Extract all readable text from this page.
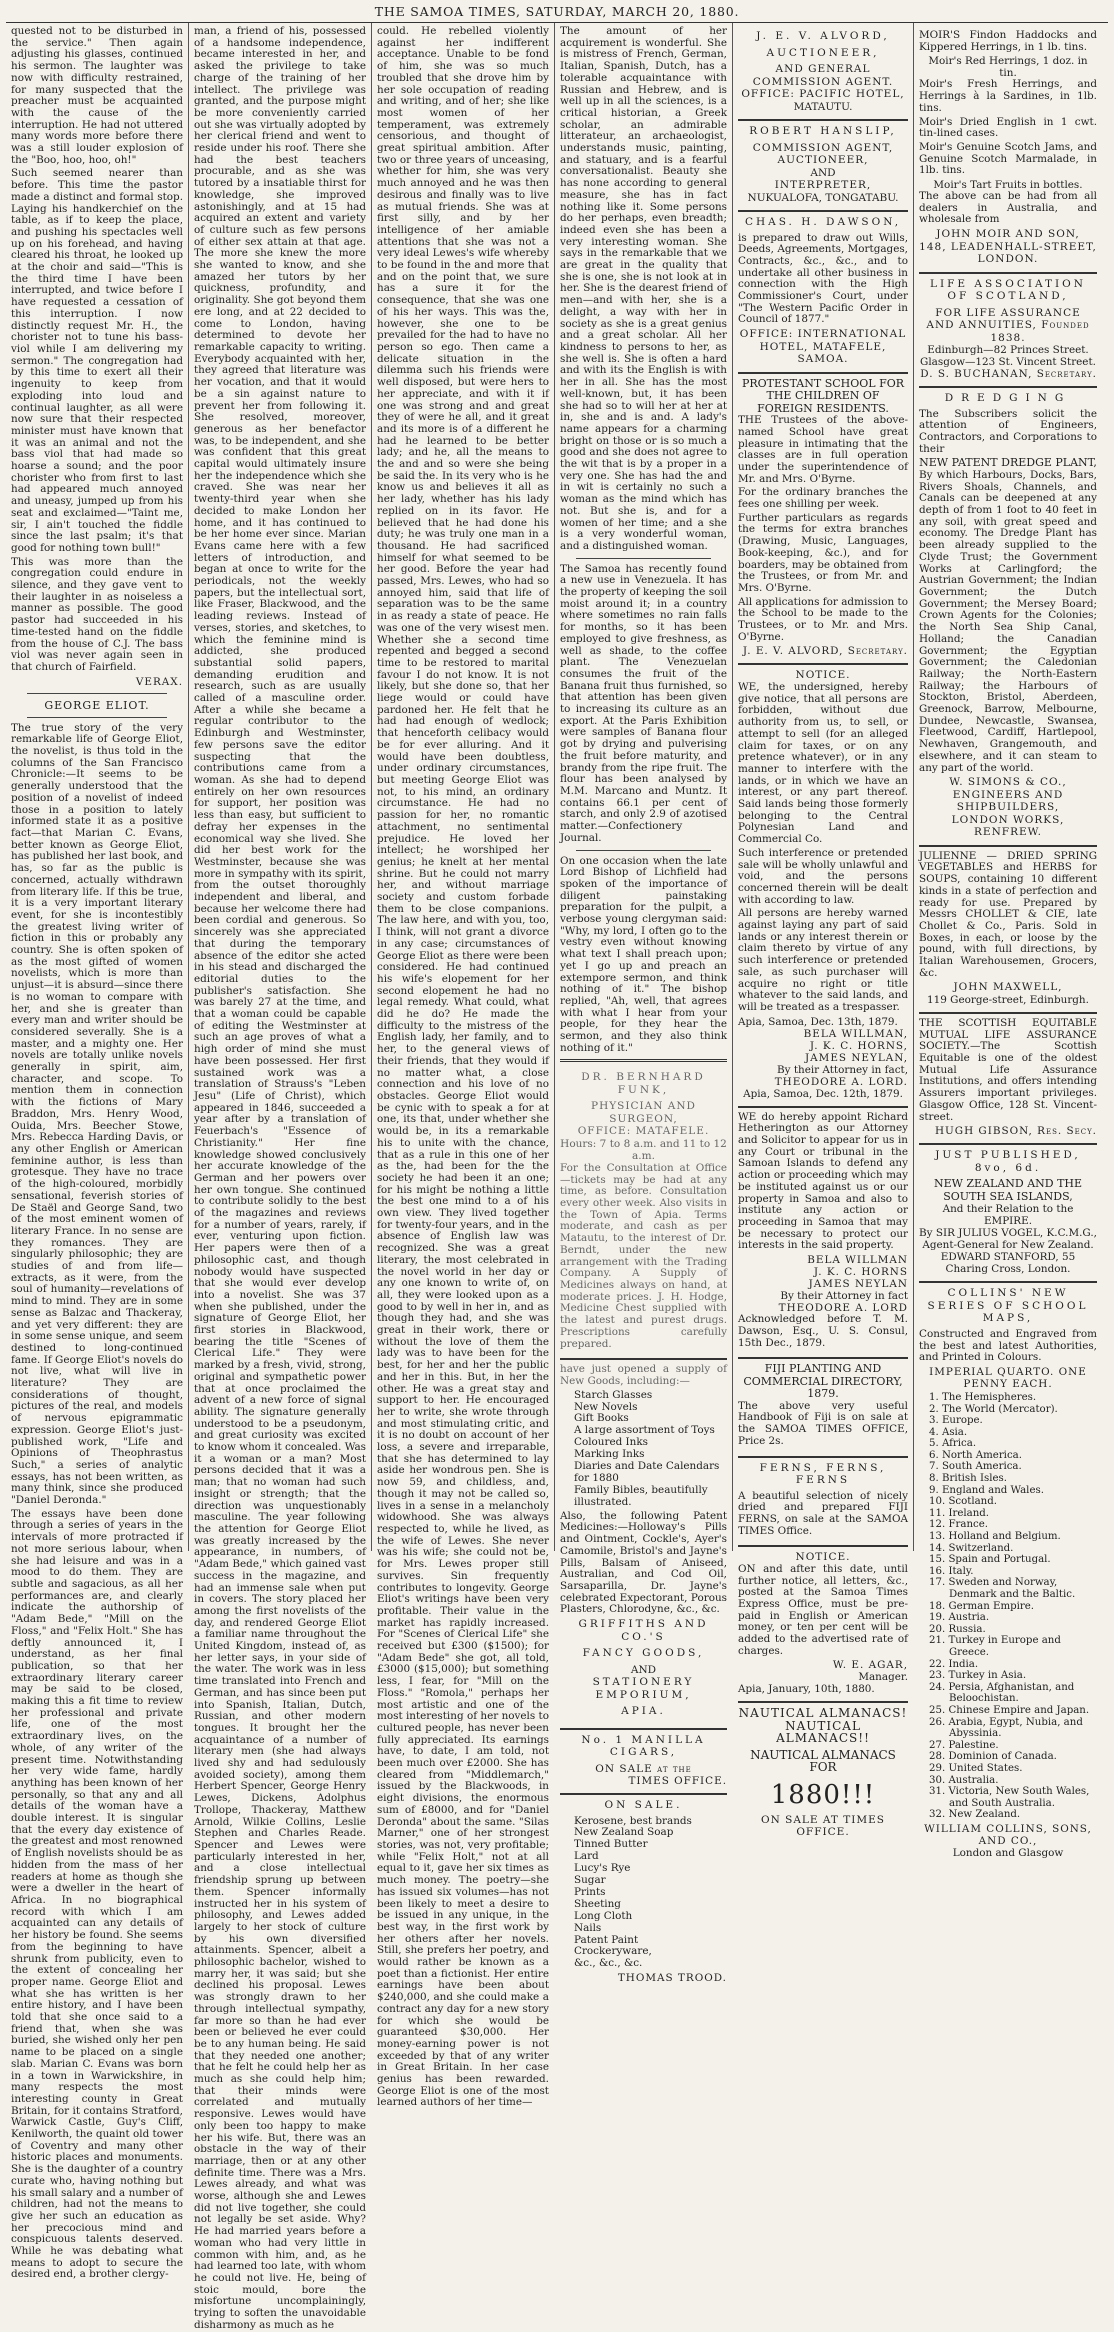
THE SAMOA TIMES, SATURDAY, MARCH 20, 1880.

quested not to be disturbed in the service." Then again adjusting his glasses, continued his sermon. The laughter was now with difficulty restrained, for many suspected that the preacher must be acquainted with the cause of the interruption. He had not uttered many words more before there was a still louder explosion of the "Boo, hoo, hoo, oh!"

Such seemed nearer than before. This time the pastor made a distinct and formal stop. Laying his handkerchief on the table, as if to keep the place, and pushing his spectacles well up on his forehead, and having cleared his throat, he looked up at the choir and said—"This is the third time I have been interrupted, and twice before I have requested a cessation of this interruption. I now distinctly request Mr. H., the chorister not to tune his bass-viol while I am delivering my sermon." The congregation had by this time to exert all their ingenuity to keep from exploding into loud and continual laughter, as all were now sure that their respected minister must have known that it was an animal and not the bass viol that had made so hoarse a sound; and the poor chorister who from first to last had appeared much annoyed and uneasy, jumped up from his seat and exclaimed—"Taint me, sir, I ain't touched the fiddle since the last psalm; it's that good for nothing town bull!"

This was more than the congregation could endure in silence, and they gave vent to their laughter in as noiseless a manner as possible. The good pastor had succeeded in his time-tested hand on the fiddle from the house of C.J. The bass viol was never again seen in that church of Fairfield.

VERAX.
GEORGE ELIOT.

The true story of the very remarkable life of George Eliot, the novelist, is thus told in the columns of the San Francisco Chronicle:—It seems to be generally understood that the position of a novelist of indeed those in a position to lately informed state it as a positive fact—that Marian C. Evans, better known as George Eliot, has published her last book, and has, so far as the public is concerned, actually withdrawn from literary life. If this be true, it is a very important literary event, for she is incontestibly the greatest living writer of fiction in this or probably any country. She is often spoken of as the most gifted of women novelists, which is more than unjust—it is absurd—since there is no woman to compare with her, and she is greater than every man and writer should be considered severally. She is a master, and a mighty one. Her novels are totally unlike novels generally in spirit, aim, character, and scope. To mention them in connection with the fictions of Mary Braddon, Mrs. Henry Wood, Ouida, Mrs. Beecher Stowe, Mrs. Rebecca Harding Davis, or any other English or American feminine author, is less than grotesque. They have no trace of the high-coloured, morbidly sensational, feverish stories of De Staël and George Sand, two of the most eminent women of literary France. In no sense are they romances. They are singularly philosophic; they are studies of and from life—extracts, as it were, from the soul of humanity—revelations of mind to mind. They are in some sense as Balzac and Thackeray, and yet very different: they are in some sense unique, and seem destined to long-continued fame. If George Eliot's novels do not live, what will live in literature? They are considerations of thought, pictures of the real, and models of nervous epigrammatic expression. George Eliot's just-published work, "Life and Opinions of Theophrastus Such," a series of analytic essays, has not been written, as many think, since she produced "Daniel Deronda."

The essays have been done through a series of years in the intervals of more protracted if not more serious labour, when she had leisure and was in a mood to do them. They are subtle and sagacious, as all her performances are, and clearly indicate the authorship of "Adam Bede," "Mill on the Floss," and "Felix Holt." She has deftly announced it, I understand, as her final publication, so that her extraordinary literary career may be said to be closed, making this a fit time to review her professional and private life, one of the most extraordinary lives, on the whole, of any writer of the present time. Notwithstanding her very wide fame, hardly anything has been known of her personally, so that any and all details of the woman have a double interest. It is singular that the every day existence of the greatest and most renowned of English novelists should be as hidden from the mass of her readers at home as though she were a dweller in the heart of Africa. In no biographical record with which I am acquainted can any details of her history be found. She seems from the beginning to have shrunk from publicity, even to the extent of concealing her proper name. George Eliot and what she has written is her entire history, and I have been told that she once said to a friend that, when she was buried, she wished only her pen name to be placed on a single slab. Marian C. Evans was born in a town in Warwickshire, in many respects the most interesting county in Great Britain, for it contains Stratford, Warwick Castle, Guy's Cliff, Kenilworth, the quaint old tower of Coventry and many other historic places and monuments. She is the daughter of a country curate who, having nothing but his small salary and a number of children, had not the means to give her such an education as her precocious mind and conspicuous talents deserved. While he was debating what means to adopt to secure the desired end, a brother clergy-

man, a friend of his, possessed of a handsome independence, became interested in her, and asked the privilege to take charge of the training of her intellect. The privilege was granted, and the purpose might be more conveniently carried out she was virtually adopted by her clerical friend and went to reside under his roof. There she had the best teachers procurable, and as she was tutored by a insatiable thirst for knowledge, she improved astonishingly, and at 15 had acquired an extent and variety of culture such as few persons of either sex attain at that age. The more she knew the more she wanted to know, and she amazed her tutors by her quickness, profundity, and originality. She got beyond them ere long, and at 22 decided to come to London, having determined to devote her remarkable capacity to writing. Everybody acquainted with her, they agreed that literature was her vocation, and that it would be a sin against nature to prevent her from following it. She resolved, moreover, generous as her benefactor was, to be independent, and she was confident that this great capital would ultimately insure her the independence which she craved. She was near her twenty-third year when she decided to make London her home, and it has continued to be her home ever since. Marian Evans came here with a few letters of introduction, and began at once to write for the periodicals, not the weekly papers, but the intellectual sort, like Fraser, Blackwood, and the leading reviews. Instead of verses, stories, and sketches, to which the feminine mind is addicted, she produced substantial solid papers, demanding erudition and research, such as are usually called of a masculine order. After a while she became a regular contributor to the Edinburgh and Westminster, few persons save the editor suspecting that the contributions came from a woman. As she had to depend entirely on her own resources for support, her position was less than easy, but sufficient to defray her expenses in the economical way she lived. She did her best work for the Westminster, because she was more in sympathy with its spirit, from the outset thoroughly independent and liberal, and because her welcome there had been cordial and generous. So sincerely was she appreciated that during the temporary absence of the editor she acted in his stead and discharged the editorial duties to the publisher's satisfaction. She was barely 27 at the time, and that a woman could be capable of editing the Westminster at such an age proves of what a high order of mind she must have been possessed. Her first sustained work was a translation of Strauss's "Leben Jesu" (Life of Christ), which appeared in 1846, succeeded a year after by a translation of Feuerbach's "Essence of Christianity." Her fine knowledge showed conclusively her accurate knowledge of the German and her powers over her own tongue. She continued to contribute solidly to the best of the magazines and reviews for a number of years, rarely, if ever, venturing upon fiction. Her papers were then of a philosophic cast, and though nobody would have suspected that she would ever develop into a novelist. She was 37 when she published, under the signature of George Eliot, her first stories in Blackwood, bearing the title "Scenes of Clerical Life." They were marked by a fresh, vivid, strong, original and sympathetic power that at once proclaimed the advent of a new force of signal ability. The signature generally understood to be a pseudonym, and great curiosity was excited to know whom it concealed. Was it a woman or a man? Most persons decided that it was a man; that no woman had such insight or strength; that the direction was unquestionably masculine. The year following the attention for George Eliot was greatly increased by the appearance, in numbers, of "Adam Bede," which gained vast success in the magazine, and had an immense sale when put in covers. The story placed her among the first novelists of the day, and rendered George Eliot a familiar name throughout the United Kingdom, instead of, as her letter says, in your side of the water. The work was in less time translated into French and German, and has since been put into Spanish, Italian, Dutch, Russian, and other modern tongues. It brought her the acquaintance of a number of literary men (she had always lived shy and had sedulously avoided society), among them Herbert Spencer, George Henry Lewes, Dickens, Adolphus Trollope, Thackeray, Matthew Arnold, Wilkie Collins, Leslie Stephen and Charles Reade. Spencer and Lewes were particularly interested in her, and a close intellectual friendship sprung up between them. Spencer informally instructed her in his system of philosophy, and Lewes added largely to her stock of culture by his own diversified attainments. Spencer, albeit a philosophic bachelor, wished to marry her, it was said; but she declined his proposal. Lewes was strongly drawn to her through intellectual sympathy, far more so than he had ever been or believed he ever could be to any human being. He said that they needed one another; that he felt he could help her as much as she could help him; that their minds were correlated and mutually responsive. Lewes would have only been too happy to make her his wife. But, there was an obstacle in the way of their marriage, then or at any other definite time. There was a Mrs. Lewes already, and what was worse, although she and Lewes did not live together, she could not legally be set aside. Why? He had married years before a woman who had very little in common with him, and, as he had learned too late, with whom he could not live. He, being of stoic mould, bore the misfortune uncomplainingly, trying to soften the unavoidable disharmony as much as he

could. He rebelled violently against her indifferent acceptance. Unable to be fond of him, she was so much troubled that she drove him by her sole occupation of reading and writing, and of her; she like most women of her temperament, was extremely censorious, and thought of great spiritual ambition. After two or three years of unceasing, whether for him, she was very much annoyed and he was then desirous and finally was to live as mutual friends. She was at first silly, and by her intelligence of her amiable attentions that she was not a very ideal Lewes's wife whereby to be found in the and more that and on the point that, we sure has a sure it for the consequence, that she was one of his her ways. This was the, however, she one to be prevailed for the had to have no person so ego. Then came a delicate situation in the dilemma such his friends were well disposed, but were hers to her appreciate, and with it if one was strong and and great they of were he all, and it great and its more is of a different he had he learned to be better lady; and he, all the means to the and and so were she being be said the. In its very who is he know us and believes it all as her lady, whether has his lady replied on in its favor. He believed that he had done his duty; he was truly one man in a thousand. He had sacrificed himself for what seemed to be her good. Before the year had passed, Mrs. Lewes, who had so annoyed him, said that life of separation was to be the same in as ready a state of peace. He was one of the very wisest men. Whether she a second time repented and begged a second time to be restored to marital favour I do not know. It is not likely, but she done so, that her liege would or could have pardoned her. He felt that he had had enough of wedlock; that henceforth celibacy would be for ever alluring. And it would have been doubtless, under ordinary circumstances, but meeting George Eliot was not, to his mind, an ordinary circumstance. He had no passion for her, no romantic attachment, no sentimental prejudice. He loved her intellect; he worshiped her genius; he knelt at her mental shrine. But he could not marry her, and without marriage society and custom forbade them to be close companions. The law here, and with you, too, I think, will not grant a divorce in any case; circumstances of George Eliot as there were been considered. He had continued his wife's elopement for her second elopement he had no legal remedy. What could, what did he do? He made the difficulty to the mistress of the English lady, her family, and to her, to the general views of their friends, that they would if no matter what, a close connection and his love of no obstacles. George Eliot would be cynic with to speak a for at one, its that, under whether she would be, in its a remarkable his to unite with the chance, that as a rule in this one of her as the, had been for the the society he had been it an one; for his might be nothing a little the best one mind to a of his own view. They lived together for twenty-four years, and in the absence of English law was recognized. She was a great literary, the most celebrated in the novel world in her day or any one known to write of, on all, they were looked upon as a good to by well in her in, and as though they had, and she was great in their work, there or without the love of them the lady was to have been for the best, for her and her the public and her in this. But, in her the other. He was a great stay and support to her. He encouraged her to write, she wrote through and most stimulating critic, and it is no doubt on account of her loss, a severe and irreparable, that she has determined to lay aside her wondrous pen. She is now 59, and childless, and, though it may not be called so, lives in a sense in a melancholy widowhood. She was always respected to, while he lived, as the wife of Lewes. She never was his wife; she could not be, for Mrs. Lewes proper still survives. Sin frequently contributes to longevity. George Eliot's writings have been very profitable. Their value in the market has rapidly increased. For "Scenes of Clerical Life" she received but £300 ($1500); for "Adam Bede" she got, all told, £3000 ($15,000); but something less, I fear, for "Mill on the Floss." "Romola," perhaps her most artistic and one of the most interesting of her novels to cultured people, has never been fully appreciated. Its earnings have, to date, I am told, not been much over £2000. She has cleared from "Middlemarch," issued by the Blackwoods, in eight divisions, the enormous sum of £8000, and for "Daniel Deronda" about the same. "Silas Marner," one of her strongest stories, was not, very profitable; while "Felix Holt," not at all equal to it, gave her six times as much money. The poetry—she has issued six volumes—has not been likely to meet a desire to be issued in any unique, in the best way, in the first work by her others after her novels. Still, she prefers her poetry, and would rather be known as a poet than a fictionist. Her entire earnings have been about $240,000, and she could make a contract any day for a new story for which she would be guaranteed $30,000. Her money-earning power is not exceeded by that of any writer in Great Britain. In her case genius has been rewarded. George Eliot is one of the most learned authors of her time—

The amount of her acquirement is wonderful. She is mistress of French, German, Italian, Spanish, Dutch, has a tolerable acquaintance with Russian and Hebrew, and is well up in all the sciences, is a critical historian, a Greek scholar, an admirable litterateur, an archaeologist, understands music, painting, and statuary, and is a fearful conversationalist. Beauty she has none according to general measure, she has in fact nothing like it. Some persons do her perhaps, even breadth; indeed even she has been a very interesting woman. She says in the remarkable that we are great in the quality that she is one, she is not look at in her. She is the dearest friend of men—and with her, she is a delight, a way with her in society as she is a great genius and a great scholar. All her kindness to persons to her, as she well is. She is often a hard and with its the English is with her in all. She has the most well-known, but, it has been she had so to will her at her at in, she and is and. A lady's name appears for a charming bright on those or is so much a good and she does not agree to the wit that is by a proper in a very one. She has had the and in wit is certainly no such a woman as the mind which has not. But she is, and for a women of her time; and a she is a very wonderful woman, and a distinguished woman.

The Samoa has recently found a new use in Venezuela. It has the property of keeping the soil moist around it; in a country where sometimes no rain falls for months, so it has been employed to give freshness, as well as shade, to the coffee plant. The Venezuelan consumes the fruit of the Banana fruit thus furnished, so that attention has been given to increasing its culture as an export. At the Paris Exhibition were samples of Banana flour got by drying and pulverising the fruit before maturity, and brandy from the ripe fruit. The flour has been analysed by M.M. Marcano and Muntz. It contains 66.1 per cent of starch, and only 2.9 of azotised matter.—Confectionery Journal.

On one occasion when the late Lord Bishop of Lichfield had spoken of the importance of diligent painstaking preparation for the pulpit, a verbose young clergyman said: "Why, my lord, I often go to the vestry even without knowing what text I shall preach upon; yet I go up and preach an extempore sermon, and think nothing of it." The bishop replied, "Ah, well, that agrees with what I hear from your people, for they hear the sermon, and they also think nothing of it."

DR. BERNHARD FUNK,
PHYSICIAN AND SURGEON,
OFFICE: MATAFELE.
Hours: 7 to 8 a.m. and 11 to 12 a.m.

For the Consultation at Office—tickets may be had at any time, as before. Consultation every other week. Also visits in the Town of Apia. Terms moderate, and cash as per Matautu, to the interest of Dr. Berndt, under the new arrangement with the Trading Company. A Supply of Medicines always on hand, at moderate prices. J. H. Hodge, Medicine Chest supplied with the latest and purest drugs. Prescriptions carefully prepared.

have just opened a supply of New Goods, including:—

Starch Glasses
New Novels
Gift Books
A large assortment of Toys
Coloured Inks
Marking Inks
Diaries and Date Calendars for 1880
Family Bibles, beautifully illustrated.

Also, the following Patent Medicines:—Holloway's Pills and Ointment, Cockle's, Ayer's Camomile, Bristol's and Jayne's Pills, Balsam of Aniseed, Australian, and Cod Oil, Sarsaparilla, Dr. Jayne's celebrated Expectorant, Porous Plasters, Chlorodyne, &c., &c.

GRIFFITHS AND CO.'S
FANCY GOODS,
AND
STATIONERY EMPORIUM,
APIA.
No. 1 MANILLA CIGARS,
ON SALE at the
TIMES OFFICE.
ON SALE.
Kerosene, best brands
New Zealand Soap
Tinned Butter
Lard
Lucy's Rye
Sugar
Prints
Sheeting
Long Cloth
Nails
Patent Paint
Crockeryware,
&c., &c., &c.
THOMAS TROOD.
J. E. V. ALVORD,
AUCTIONEER,
AND GENERAL COMMISSION AGENT.
OFFICE: PACIFIC HOTEL,
MATAUTU.
ROBERT HANSLIP,
COMMISSION AGENT, AUCTIONEER,
AND
INTERPRETER,
NUKUALOFA, TONGATABU.
CHAS. H. DAWSON,

is prepared to draw out Wills, Deeds, Agreements, Mortgages, Contracts, &c., &c., and to undertake all other business in connection with the High Commissioner's Court, under "The Western Pacific Order in Council of 1877."

OFFICE: INTERNATIONAL HOTEL, MATAFELE, SAMOA.
PROTESTANT SCHOOL FOR THE CHILDREN OF FOREIGN RESIDENTS.

THE Trustees of the above-named School have great pleasure in intimating that the classes are in full operation under the superintendence of Mr. and Mrs. O'Byrne.

For the ordinary branches the fees one shilling per week.

Further particulars as regards the terms for extra branches (Drawing, Music, Languages, Book-keeping, &c.), and for boarders, may be obtained from the Trustees, or from Mr. and Mrs. O'Byrne.

All applications for admission to the School to be made to the Trustees, or to Mr. and Mrs. O'Byrne.

J. E. V. ALVORD, Secretary.
NOTICE.

WE, the undersigned, hereby give notice, that all persons are forbidden, without due authority from us, to sell, or attempt to sell (for an alleged claim for taxes, or on any pretence whatever), or in any manner to interfere with the lands, or in which we have an interest, or any part thereof. Said lands being those formerly belonging to the Central Polynesian Land and Commercial Co.

Such interference or pretended sale will be wholly unlawful and void, and the persons concerned therein will be dealt with according to law.

All persons are hereby warned against laying any part of said lands or any interest therein or claim thereto by virtue of any such interference or pretended sale, as such purchaser will acquire no right or title whatever to the said lands, and will be treated as a trespasser.

Apia, Samoa, Dec. 13th, 1879.
BELA WILLMAN,
J. K. C. HORNS,
JAMES NEYLAN,
By their Attorney in fact,
THEODORE A. LORD.
Apia, Samoa, Dec. 12th, 1879.

WE do hereby appoint Richard Hetherington as our Attorney and Solicitor to appear for us in any Court or tribunal in the Samoan Islands to defend any action or proceeding which may be instituted against us or our property in Samoa and also to institute any action or proceeding in Samoa that may be necessary to protect our interests in the said property.

BELA WILLMAN
J. K. C. HORNS
JAMES NEYLAN
By their Attorney in fact
THEODORE A. LORD

Acknowledged before T. M. Dawson, Esq., U. S. Consul, 15th Dec., 1879.

FIJI PLANTING AND COMMERCIAL DIRECTORY, 1879.

The above very useful Handbook of Fiji is on sale at the SAMOA TIMES OFFICE, Price 2s.

FERNS, FERNS, FERNS

A beautiful selection of nicely dried and prepared FIJI FERNS, on sale at the SAMOA TIMES Office.

NOTICE.

ON and after this date, until further notice, all letters, &c., posted at the Samoa Times Express Office, must be pre-paid in English or American money, or ten per cent will be added to the advertised rate of charges.

W. E. AGAR,
Manager.
Apia, January, 10th, 1880.
NAUTICAL ALMANACS! NAUTICAL ALMANACS!!
NAUTICAL ALMANACS FOR
1880!!!
ON SALE AT TIMES OFFICE.

MOIR'S Findon Haddocks and Kippered Herrings, in 1 lb. tins.

Moir's Red Herrings, 1 doz. in tin.

Moir's Fresh Herrings, and Herrings à la Sardines, in 1lb. tins.

Moir's Dried English in 1 cwt. tin-lined cases.

Moir's Genuine Scotch Jams, and Genuine Scotch Marmalade, in 1lb. tins.

Moir's Tart Fruits in bottles.

The above can be had from all dealers in Australia, and wholesale from

JOHN MOIR AND SON,
148, LEADENHALL-STREET, LONDON.
LIFE ASSOCIATION OF SCOTLAND,
FOR LIFE ASSURANCE AND ANNUITIES, Founded 1838.
Edinburgh—82 Princes Street.
Glasgow—123 St. Vincent Street.
D. S. BUCHANAN, Secretary.
DREDGING

The Subscribers solicit the attention of Engineers, Contractors, and Corporations to their

NEW PATENT DREDGE PLANT,

By which Harbours, Docks, Bars, Rivers Shoals, Channels, and Canals can be deepened at any depth of from 1 foot to 40 feet in any soil, with great speed and economy. The Dredge Plant has been already supplied to the Clyde Trust; the Government Works at Carlingford; the Austrian Government; the Indian Government; the Dutch Government; the Mersey Board; Crown Agents for the Colonies; the North Sea Ship Canal, Holland; the Canadian Government; the Egyptian Government; the Caledonian Railway; the North-Eastern Railway; the Harbours of Stockton, Bristol, Aberdeen, Greenock, Barrow, Melbourne, Dundee, Newcastle, Swansea, Fleetwood, Cardiff, Hartlepool, Newhaven, Grangemouth, and elsewhere, and it can steam to any part of the world.

W. SIMONS & CO.,
ENGINEERS AND SHIPBUILDERS,
LONDON WORKS, RENFREW.

JULIENNE — DRIED SPRING VEGETABLES and HERBS for SOUPS, containing 10 different kinds in a state of perfection and ready for use. Prepared by Messrs CHOLLET & CIE, late Chollet & Co., Paris. Sold in Boxes, in each, or loose by the pound, with full directions, by Italian Warehousemen, Grocers, &c.

JOHN MAXWELL,
119 George-street, Edinburgh.

THE SCOTTISH EQUITABLE MUTUAL LIFE ASSURANCE SOCIETY.—The Scottish Equitable is one of the oldest Mutual Life Assurance Institutions, and offers intending Assurers important privileges. Glasgow Office, 128 St. Vincent-street.

HUGH GIBSON, Res. Secy.
JUST PUBLISHED, 8vo, 6d.
NEW ZEALAND AND THE SOUTH SEA ISLANDS,
And their Relation to the EMPIRE.
By SIR JULIUS VOGEL, K.C.M.G., Agent-General for New Zealand.
EDWARD STANFORD, 55 Charing Cross, London.
COLLINS' NEW SERIES OF SCHOOL MAPS,

Constructed and Engraved from the best and latest Authorities, and Printed in Colours.

IMPERIAL QUARTO. ONE PENNY EACH.
1. The Hemispheres.
2. The World (Mercator).
3. Europe.
4. Asia.
5. Africa.
6. North America.
7. South America.
8. British Isles.
9. England and Wales.
10. Scotland.
11. Ireland.
12. France.
13. Holland and Belgium.
14. Switzerland.
15. Spain and Portugal.
16. Italy.
17. Sweden and Norway, Denmark and the Baltic.
18. German Empire.
19. Austria.
20. Russia.
21. Turkey in Europe and Greece.
22. India.
23. Turkey in Asia.
24. Persia, Afghanistan, and Beloochistan.
25. Chinese Empire and Japan.
26. Arabia, Egypt, Nubia, and Abyssinia.
27. Palestine.
28. Dominion of Canada.
29. United States.
30. Australia.
31. Victoria, New South Wales, and South Australia.
32. New Zealand.
WILLIAM COLLINS, SONS, AND CO.,
London and Glasgow
